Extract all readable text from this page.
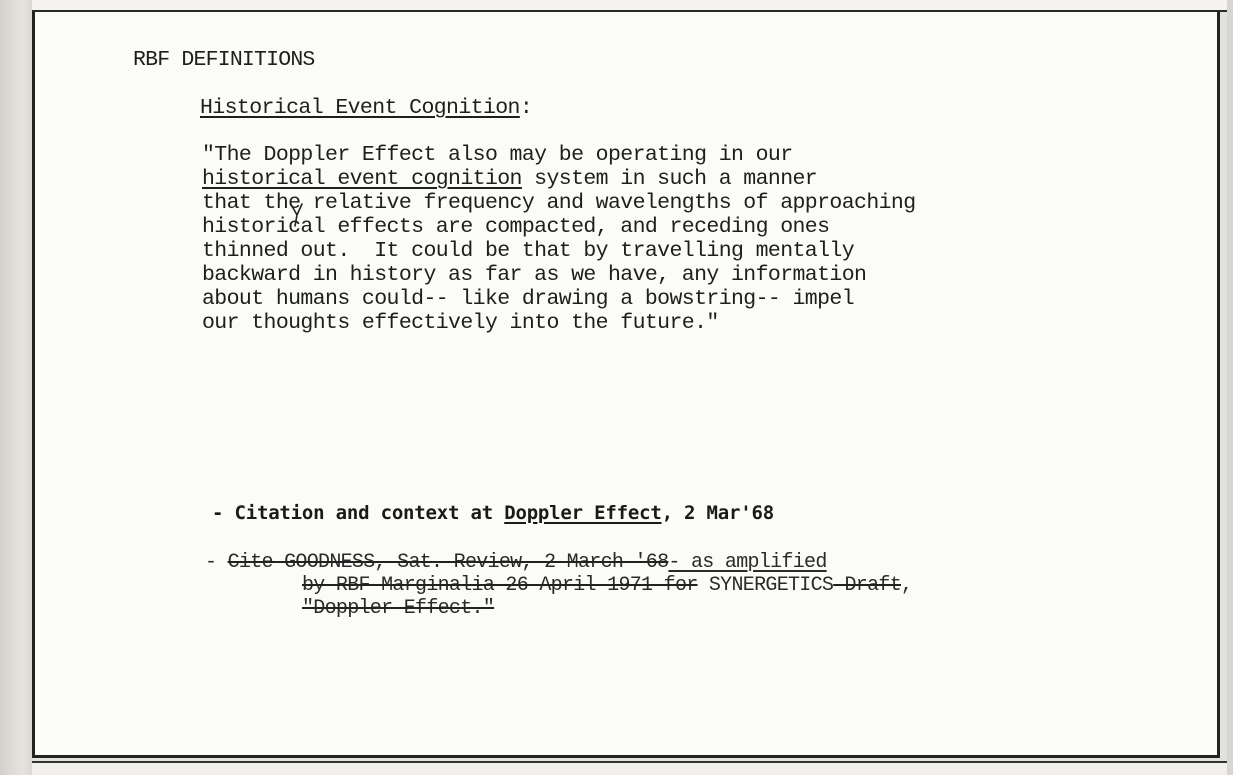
RBF DEFINITIONS
Historical Event Cognition:
"The Doppler Effect also may be operating in our
historical event cognition system in such a manner
that the relative frequency and wavelengths of approaching
historical effects are compacted, and receding ones
thinned out.  It could be that by travelling mentally
backward in history as far as we have, any information
about humans could-- like drawing a bowstring-- impel
our thoughts effectively into the future."
- Citation and context at Doppler Effect, 2 Mar'68
- Cite GOODNESS, Sat. Review, 2 March '68- as amplified
by RBF Marginalia 26 April 1971 for SYNERGETICS Draft,
"Doppler Effect."
